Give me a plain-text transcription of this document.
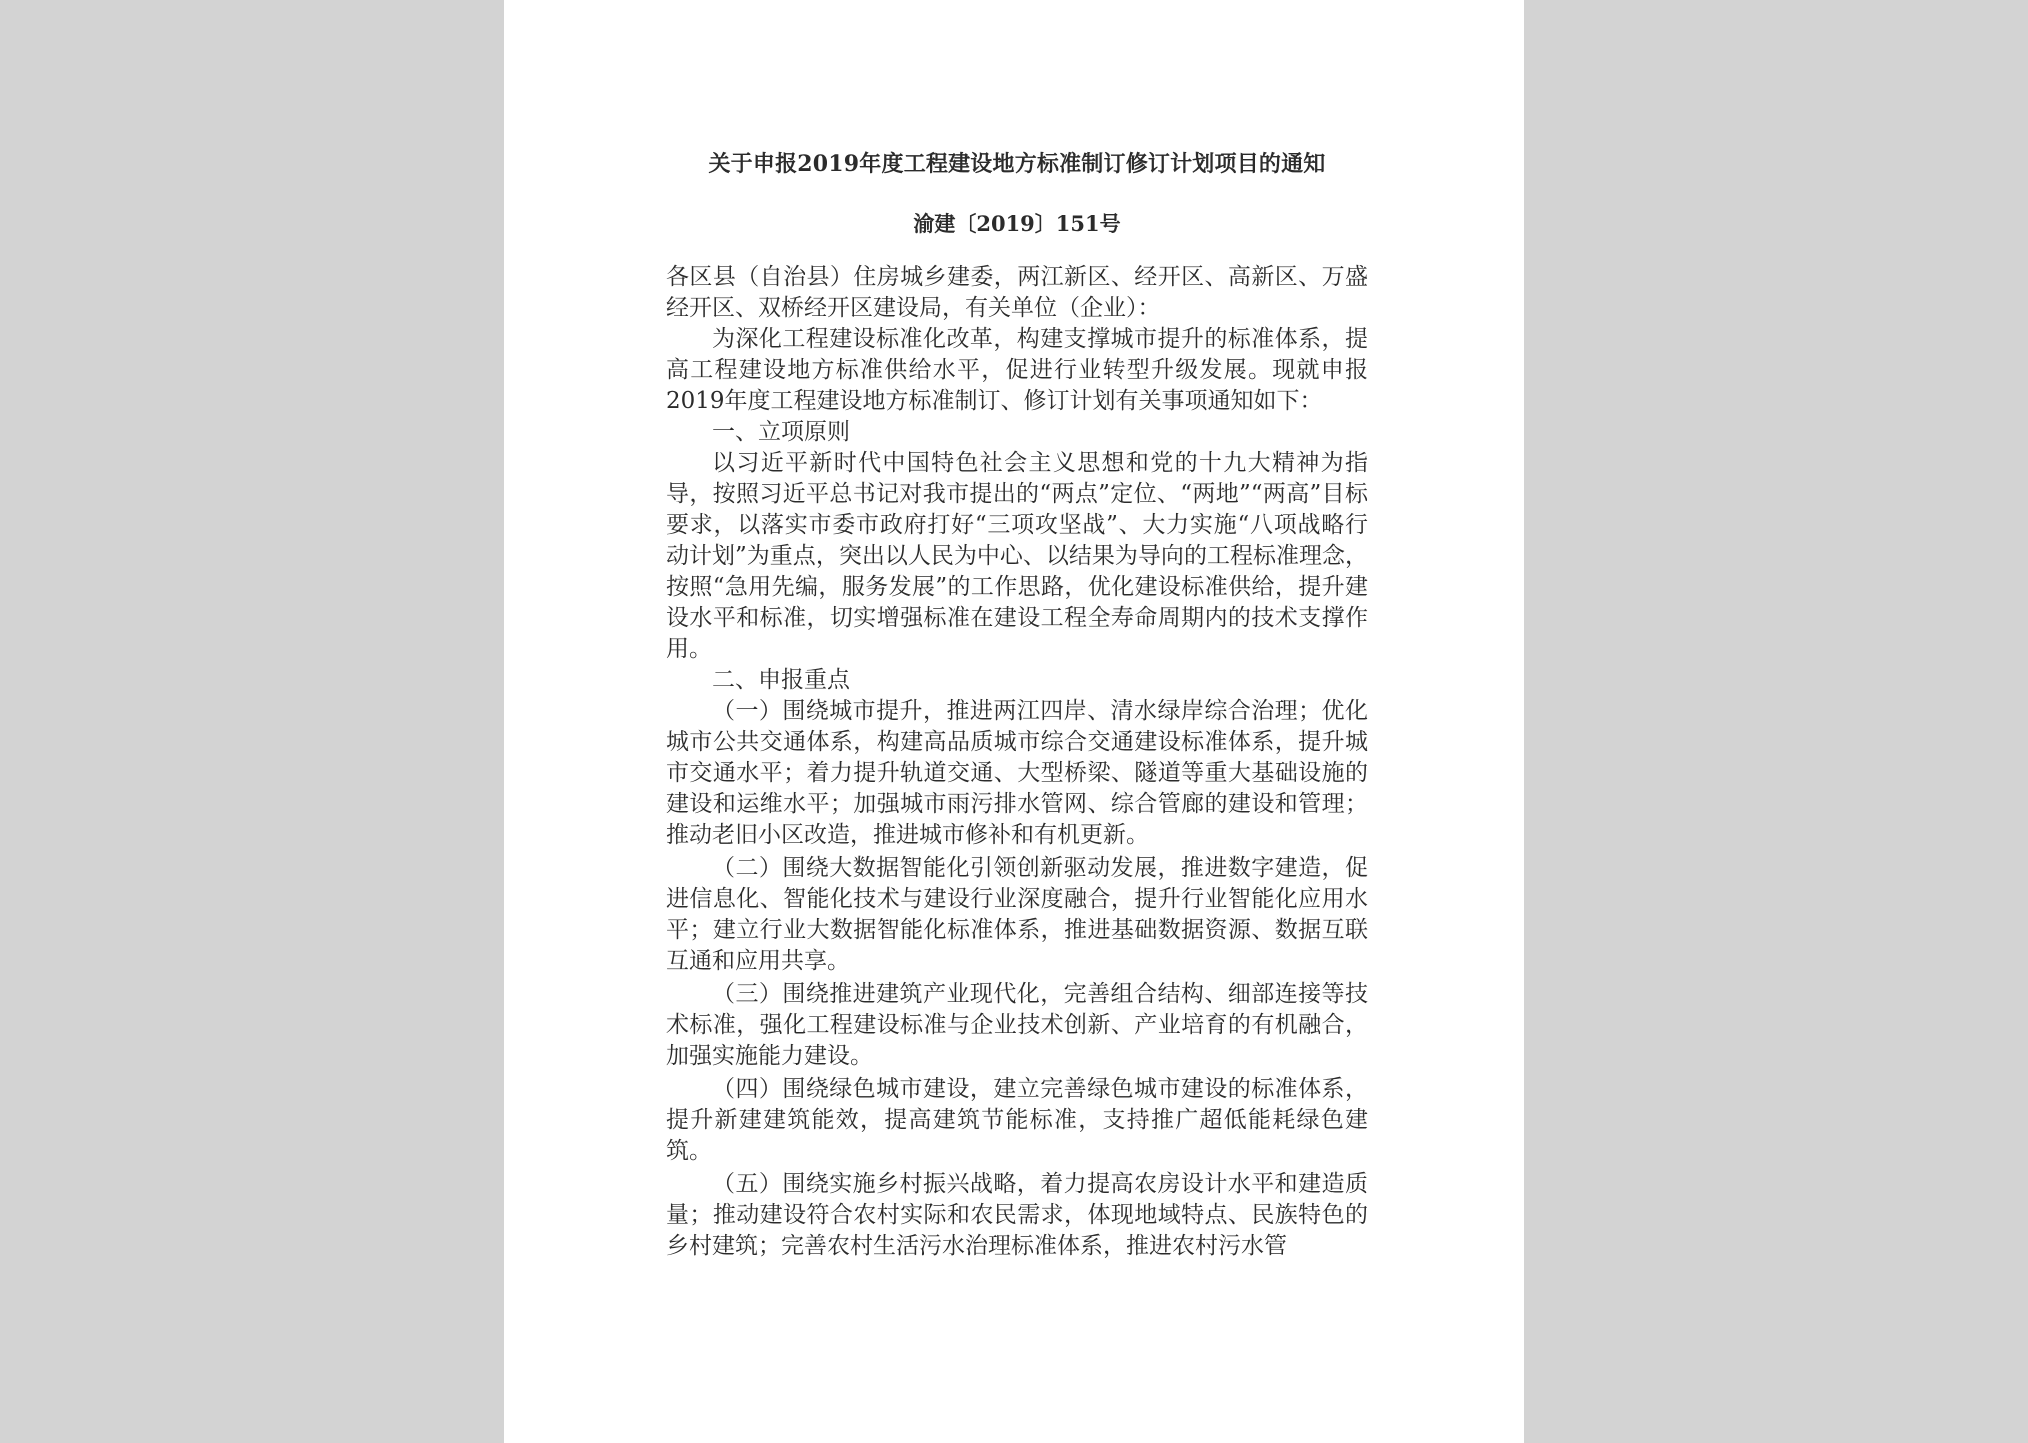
关于申报2019年度工程建设地方标准制订修订计划项目的通知

渝建〔2019〕151号

各区县（自治县）住房城乡建委，两江新区、经开区、高新区、万盛经开区、双桥经开区建设局，有关单位（企业）：

为深化工程建设标准化改革，构建支撑城市提升的标准体系，提高工程建设地方标准供给水平，促进行业转型升级发展。现就申报2019年度工程建设地方标准制订、修订计划有关事项通知如下：

一、立项原则

以习近平新时代中国特色社会主义思想和党的十九大精神为指导，按照习近平总书记对我市提出的“两点”定位、“两地”“两高”目标要求，以落实市委市政府打好“三项攻坚战”、大力实施“八项战略行动计划”为重点，突出以人民为中心、以结果为导向的工程标准理念，按照“急用先编，服务发展”的工作思路，优化建设标准供给，提升建设水平和标准，切实增强标准在建设工程全寿命周期内的技术支撑作用。

二、申报重点

（一）围绕城市提升，推进两江四岸、清水绿岸综合治理；优化城市公共交通体系，构建高品质城市综合交通建设标准体系，提升城市交通水平；着力提升轨道交通、大型桥梁、隧道等重大基础设施的建设和运维水平；加强城市雨污排水管网、综合管廊的建设和管理；推动老旧小区改造，推进城市修补和有机更新。

（二）围绕大数据智能化引领创新驱动发展，推进数字建造，促进信息化、智能化技术与建设行业深度融合，提升行业智能化应用水平；建立行业大数据智能化标准体系，推进基础数据资源、数据互联互通和应用共享。

（三）围绕推进建筑产业现代化，完善组合结构、细部连接等技术标准，强化工程建设标准与企业技术创新、产业培育的有机融合，加强实施能力建设。

（四）围绕绿色城市建设，建立完善绿色城市建设的标准体系，提升新建建筑能效，提高建筑节能标准，支持推广超低能耗绿色建筑。

（五）围绕实施乡村振兴战略，着力提高农房设计水平和建造质量；推动建设符合农村实际和农民需求，体现地域特点、民族特色的乡村建筑；完善农村生活污水治理标准体系，推进农村污水管
